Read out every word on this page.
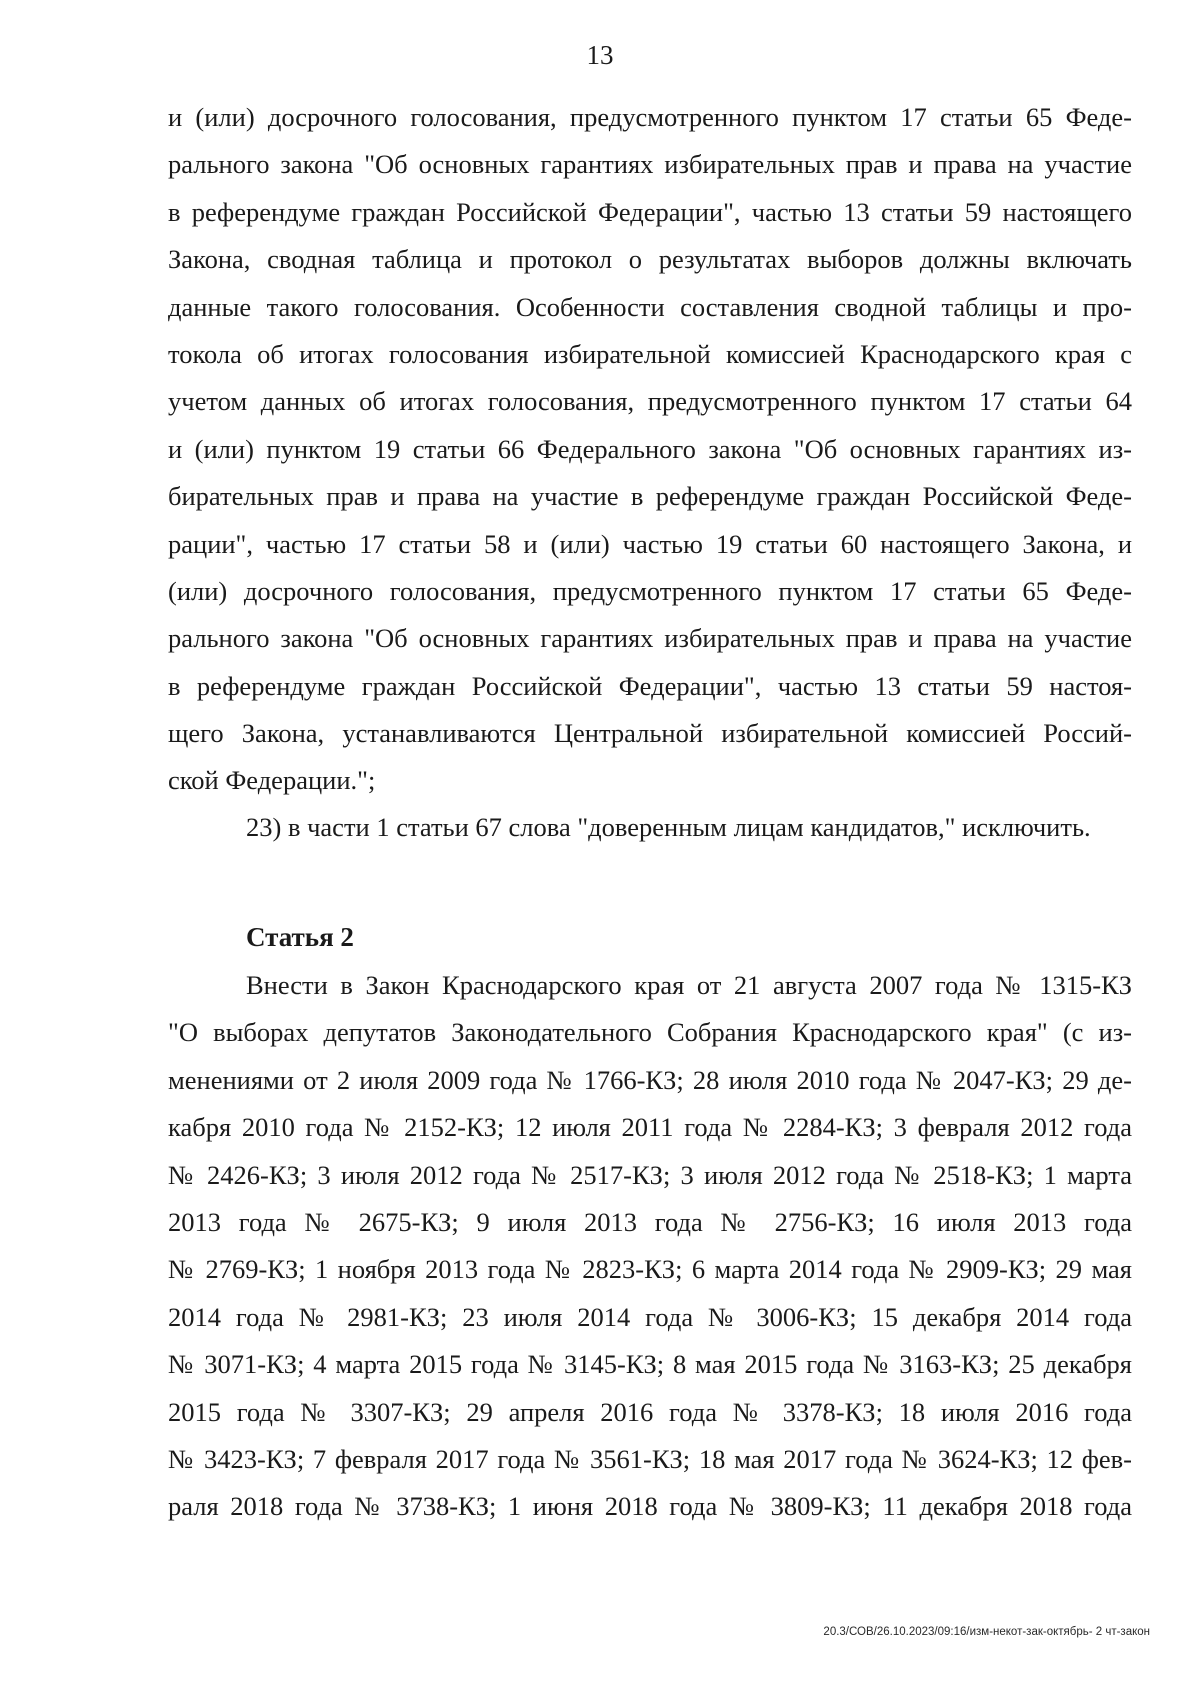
13
и (или) досрочного голосования, предусмотренного пунктом 17 статьи 65 Феде-
рального закона "Об основных гарантиях избирательных прав и права на участие
в референдуме граждан Российской Федерации", частью 13 статьи 59 настоящего
Закона, сводная таблица и протокол о результатах выборов должны включать
данные такого голосования. Особенности составления сводной таблицы и про-
токола об итогах голосования избирательной комиссией Краснодарского края с
учетом данных об итогах голосования, предусмотренного пунктом 17 статьи 64
и (или) пунктом 19 статьи 66 Федерального закона "Об основных гарантиях из-
бирательных прав и права на участие в референдуме граждан Российской Феде-
рации", частью 17 статьи 58 и (или) частью 19 статьи 60 настоящего Закона, и
(или) досрочного голосования, предусмотренного пунктом 17 статьи 65 Феде-
рального закона "Об основных гарантиях избирательных прав и права на участие
в референдуме граждан Российской Федерации", частью 13 статьи 59 настоя-
щего Закона, устанавливаются Центральной избирательной комиссией Россий-
ской Федерации.";
23) в части 1 статьи 67 слова "доверенным лицам кандидатов," исключить.
Статья 2
Внести в Закон Краснодарского края от 21 августа 2007 года № 1315-КЗ
"О выборах депутатов Законодательного Собрания Краснодарского края" (с из-
менениями от 2 июля 2009 года № 1766-КЗ; 28 июля 2010 года № 2047-КЗ; 29 де-
кабря 2010 года № 2152-КЗ; 12 июля 2011 года № 2284-КЗ; 3 февраля 2012 года
№ 2426-КЗ; 3 июля 2012 года № 2517-КЗ; 3 июля 2012 года № 2518-КЗ; 1 марта
2013 года № 2675-КЗ; 9 июля 2013 года № 2756-КЗ; 16 июля 2013 года
№ 2769-КЗ; 1 ноября 2013 года № 2823-КЗ; 6 марта 2014 года № 2909-КЗ; 29 мая
2014 года № 2981-КЗ; 23 июля 2014 года № 3006-КЗ; 15 декабря 2014 года
№ 3071-КЗ; 4 марта 2015 года № 3145-КЗ; 8 мая 2015 года № 3163-КЗ; 25 декабря
2015 года № 3307-КЗ; 29 апреля 2016 года № 3378-КЗ; 18 июля 2016 года
№ 3423-КЗ; 7 февраля 2017 года № 3561-КЗ; 18 мая 2017 года № 3624-КЗ; 12 фев-
раля 2018 года № 3738-КЗ; 1 июня 2018 года № 3809-КЗ; 11 декабря 2018 года
20.3/СОВ/26.10.2023/09:16/изм-некот-зак-октябрь- 2 чт-закон
